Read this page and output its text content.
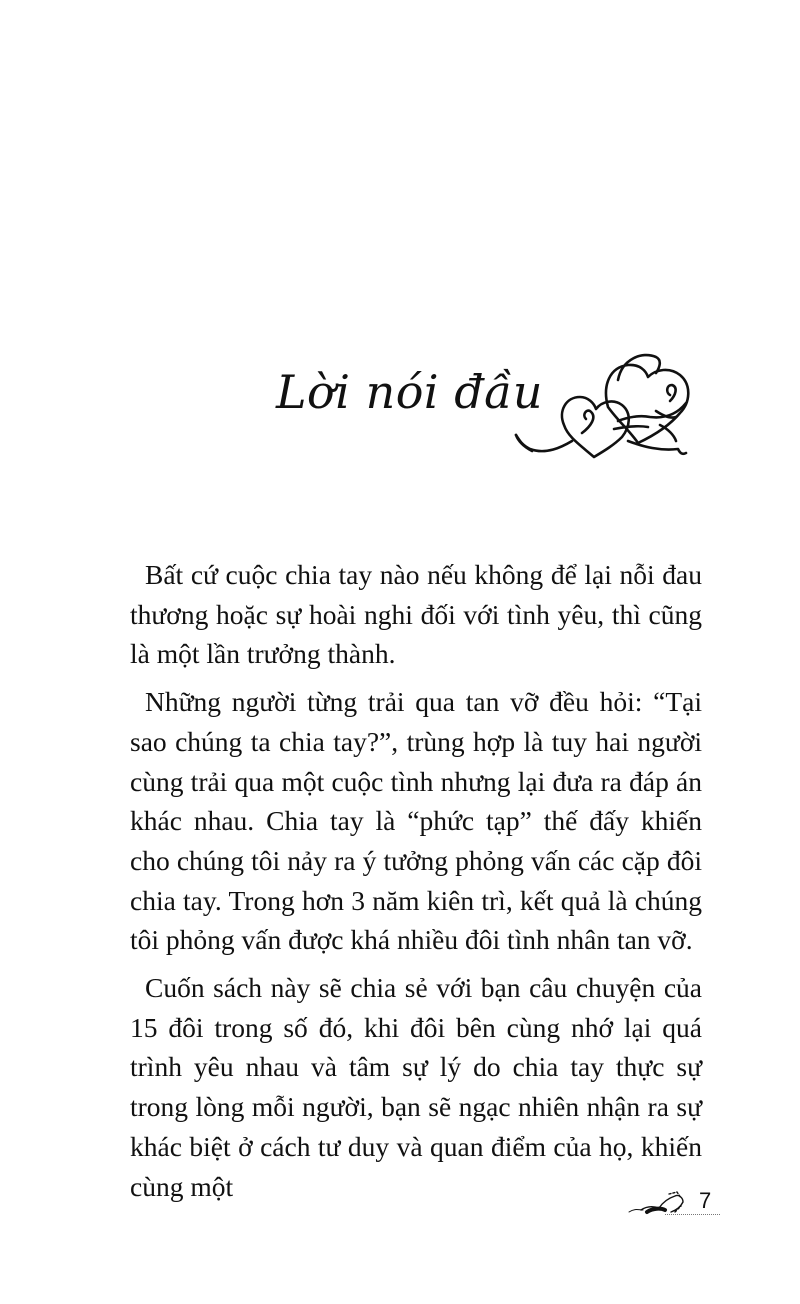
Lời nói đầu

Bất cứ cuộc chia tay nào nếu không để lại nỗi đau thương hoặc sự hoài nghi đối với tình yêu, thì cũng là một lần trưởng thành.

Những người từng trải qua tan vỡ đều hỏi: “Tại sao chúng ta chia tay?”, trùng hợp là tuy hai người cùng trải qua một cuộc tình nhưng lại đưa ra đáp án khác nhau. Chia tay là “phức tạp” thế đấy khiến cho chúng tôi nảy ra ý tưởng phỏng vấn các cặp đôi chia tay. Trong hơn 3 năm kiên trì, kết quả là chúng tôi phỏng vấn được khá nhiều đôi tình nhân tan vỡ.

Cuốn sách này sẽ chia sẻ với bạn câu chuyện của 15 đôi trong số đó, khi đôi bên cùng nhớ lại quá trình yêu nhau và tâm sự lý do chia tay thực sự trong lòng mỗi người, bạn sẽ ngạc nhiên nhận ra sự khác biệt ở cách tư duy và quan điểm của họ, khiến cùng một	7
